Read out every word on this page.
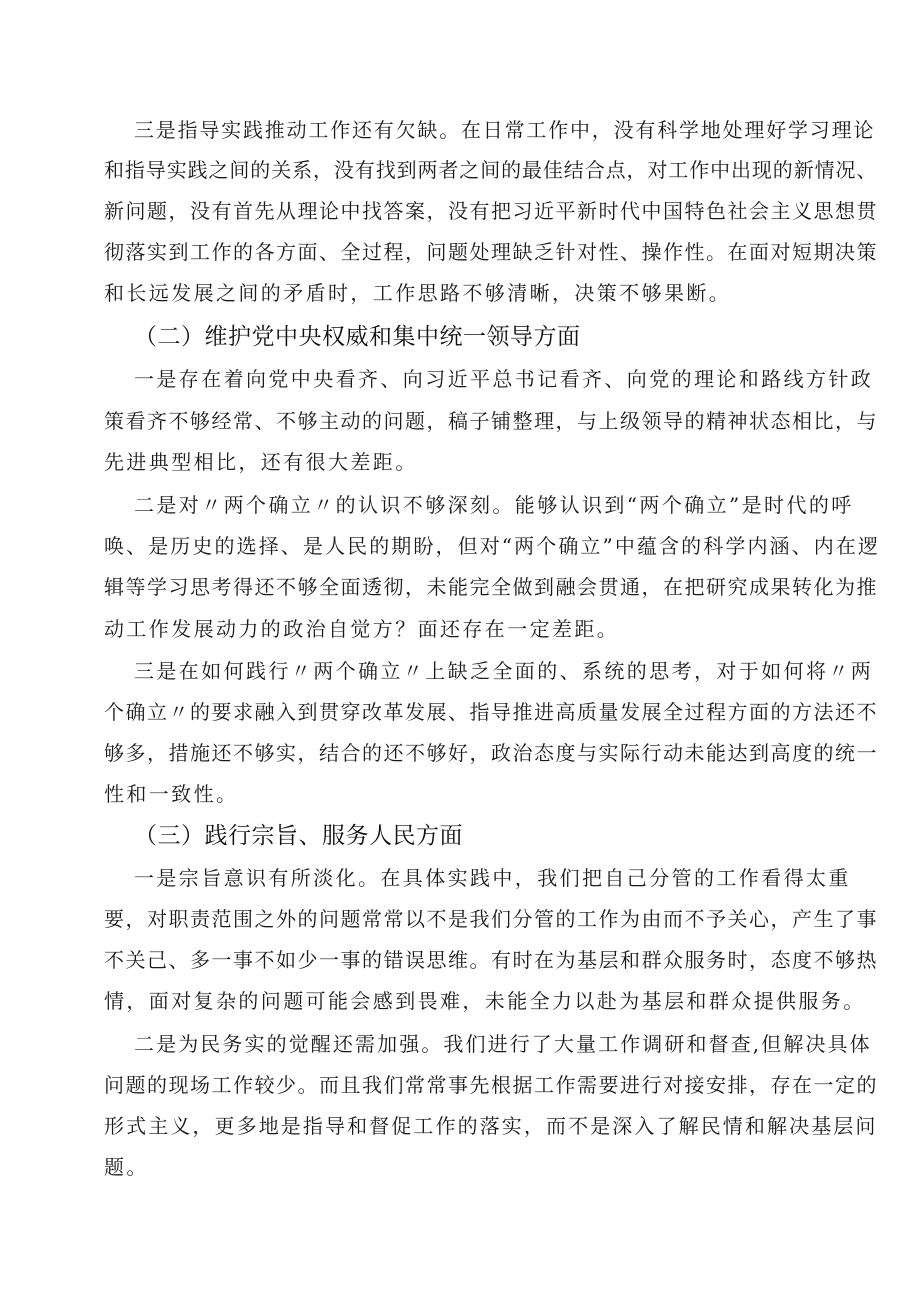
三是指导实践推动工作还有欠缺。在日常工作中，没有科学地处理好学习理论
和指导实践之间的关系，没有找到两者之间的最佳结合点，对工作中出现的新情况、
新问题，没有首先从理论中找答案，没有把习近平新时代中国特色社会主义思想贯
彻落实到工作的各方面、全过程，问题处理缺乏针对性、操作性。在面对短期决策
和长远发展之间的矛盾时，工作思路不够清晰，决策不够果断。
（二）维护党中央权威和集中统一领导方面
一是存在着向党中央看齐、向习近平总书记看齐、向党的理论和路线方针政
策看齐不够经常、不够主动的问题，稿子铺整理，与上级领导的精神状态相比，与
先进典型相比，还有很大差距。
二是对〃两个确立〃的认识不够深刻。能够认识到“两个确立”是时代的呼
唤、是历史的选择、是人民的期盼，但对“两个确立”中蕴含的科学内涵、内在逻
辑等学习思考得还不够全面透彻，未能完全做到融会贯通，在把研究成果转化为推
动工作发展动力的政治自觉方？面还存在一定差距。
三是在如何践行〃两个确立〃上缺乏全面的、系统的思考，对于如何将〃两
个确立〃的要求融入到贯穿改革发展、指导推进高质量发展全过程方面的方法还不
够多，措施还不够实，结合的还不够好，政治态度与实际行动未能达到高度的统一
性和一致性。
（三）践行宗旨、服务人民方面
一是宗旨意识有所淡化。在具体实践中，我们把自己分管的工作看得太重
要，对职责范围之外的问题常常以不是我们分管的工作为由而不予关心，产生了事
不关己、多一事不如少一事的错误思维。有时在为基层和群众服务时，态度不够热
情，面对复杂的问题可能会感到畏难，未能全力以赴为基层和群众提供服务。
二是为民务实的觉醒还需加强。我们进行了大量工作调研和督查,但解决具体
问题的现场工作较少。而且我们常常事先根据工作需要进行对接安排，存在一定的
形式主义，更多地是指导和督促工作的落实，而不是深入了解民情和解决基层问
题。
